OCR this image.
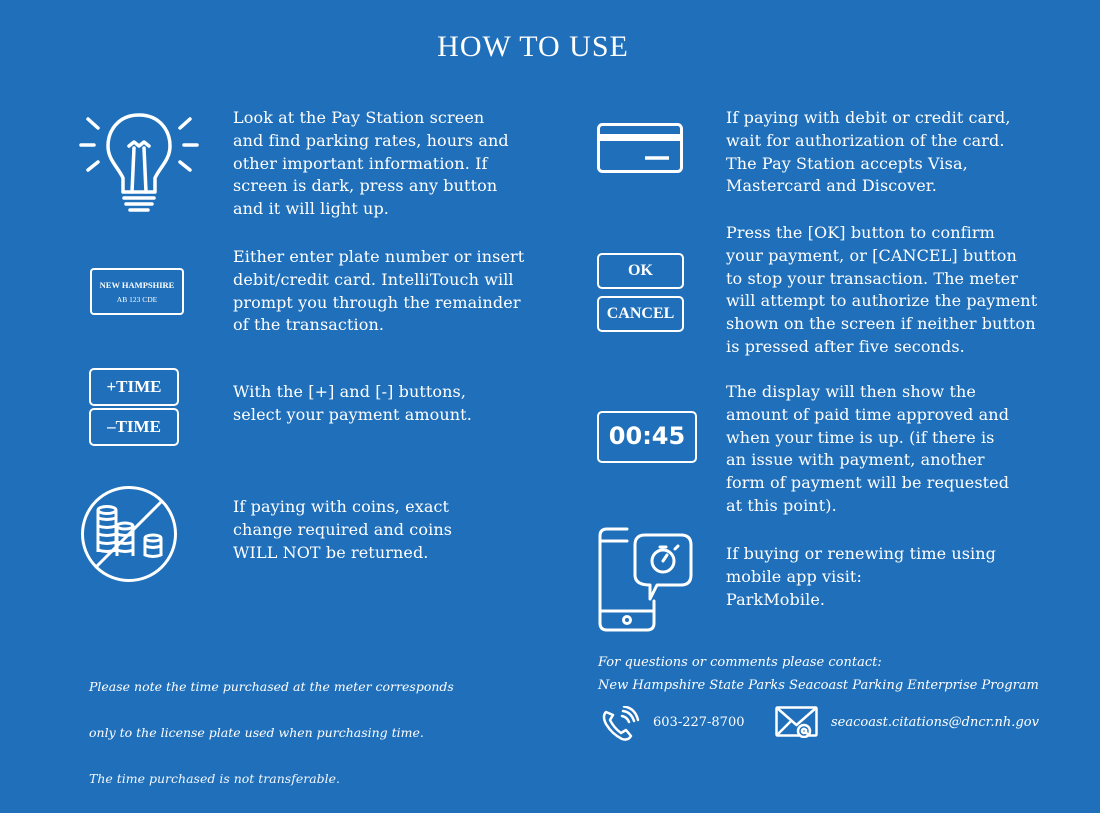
HOW TO USE
Look at the Pay Station screen
and find parking rates, hours and
other important information. If
screen is dark, press any button
and it will light up.
NEW HAMPSHIRE
AB 123 CDE
Either enter plate number or insert
debit/credit card. IntelliTouch will
prompt you through the remainder
of the transaction.
+TIME
–TIME
With the [+] and [-] buttons,
select your payment amount.
If paying with coins, exact
change required and coins
WILL NOT be returned.
If paying with debit or credit card,
wait for authorization of the card.
The Pay Station accepts Visa,
Mastercard and Discover.
OK
CANCEL
Press the [OK] button to confirm
your payment, or [CANCEL] button
to stop your transaction. The meter
will attempt to authorize the payment
shown on the screen if neither button
is pressed after five seconds.
00:45
The display will then show the
amount of paid time approved and
when your time is up. (if there is
an issue with payment, another
form of payment will be requested
at this point).
If buying or renewing time using
mobile app visit:
ParkMobile.

Please note the time purchased at the meter corresponds

only to the license plate used when purchasing time.

The time purchased is not transferable.

For questions or comments please contact:
New Hampshire State Parks Seacoast Parking Enterprise Program
603-227-8700	seacoast.citations@dncr.nh.gov
